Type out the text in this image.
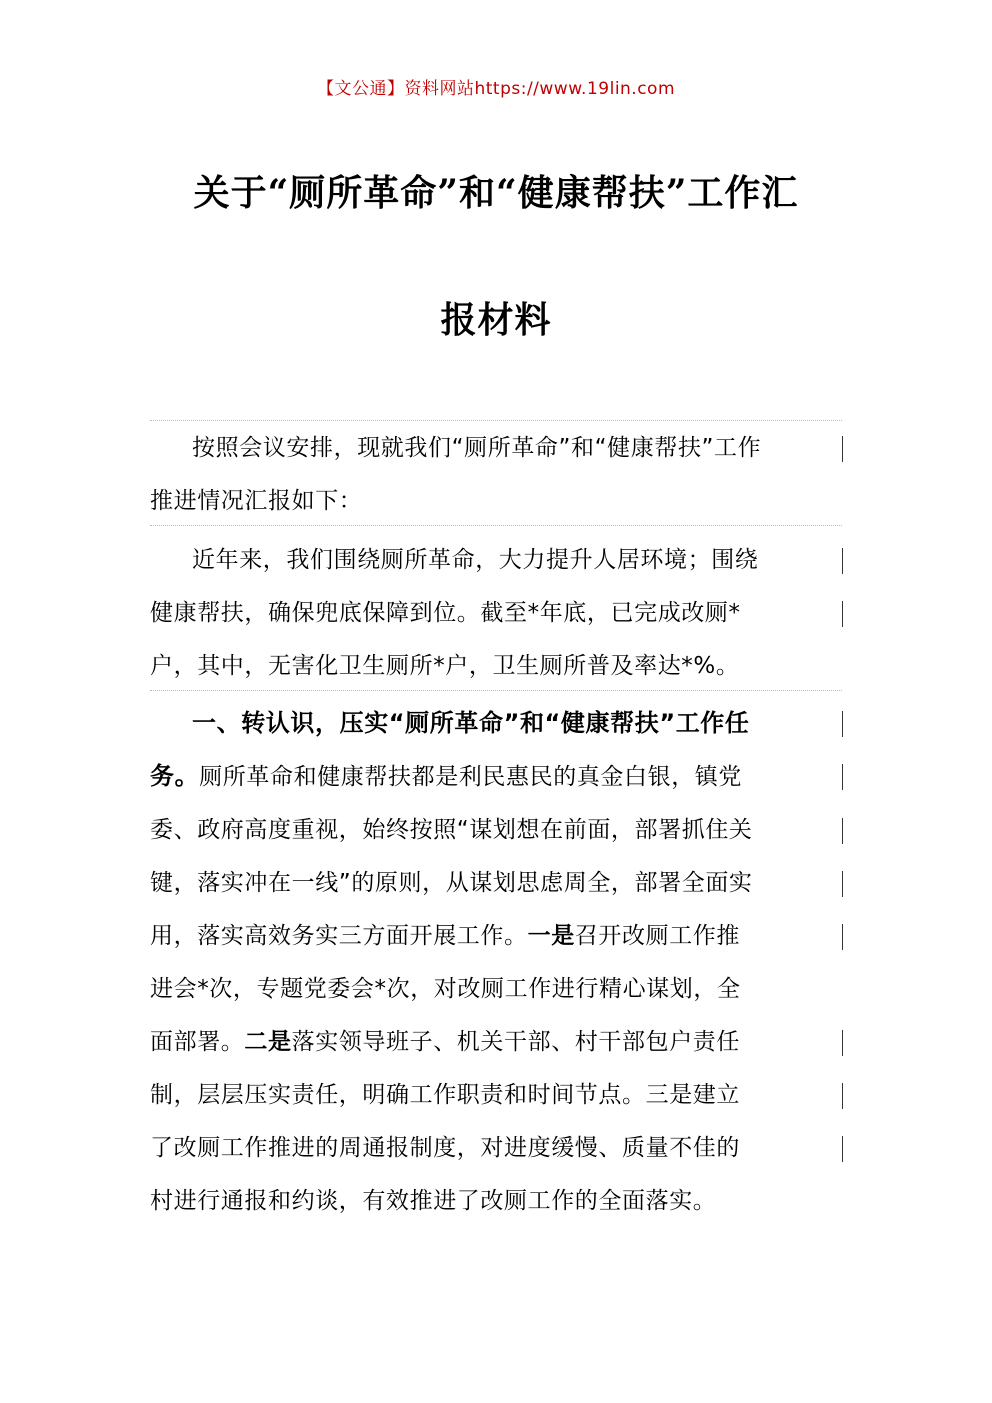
【文公通】资料网站https://www.19lin.com
关于“厕所革命”和“健康帮扶”工作汇
报材料
按照会议安排，现就我们“厕所革命”和“健康帮扶”工作
推进情况汇报如下：
近年来，我们围绕厕所革命，大力提升人居环境；围绕
健康帮扶，确保兜底保障到位。截至*年底，已完成改厕*
户，其中，无害化卫生厕所*户，卫生厕所普及率达*%。
一、转认识，压实“厕所革命”和“健康帮扶”工作任
务。厕所革命和健康帮扶都是利民惠民的真金白银，镇党
委、政府高度重视，始终按照“谋划想在前面，部署抓住关
键，落实冲在一线”的原则，从谋划思虑周全，部署全面实
用，落实高效务实三方面开展工作。一是召开改厕工作推
进会*次，专题党委会*次，对改厕工作进行精心谋划，全
面部署。二是落实领导班子、机关干部、村干部包户责任
制，层层压实责任，明确工作职责和时间节点。三是建立
了改厕工作推进的周通报制度，对进度缓慢、质量不佳的
村进行通报和约谈，有效推进了改厕工作的全面落实。
